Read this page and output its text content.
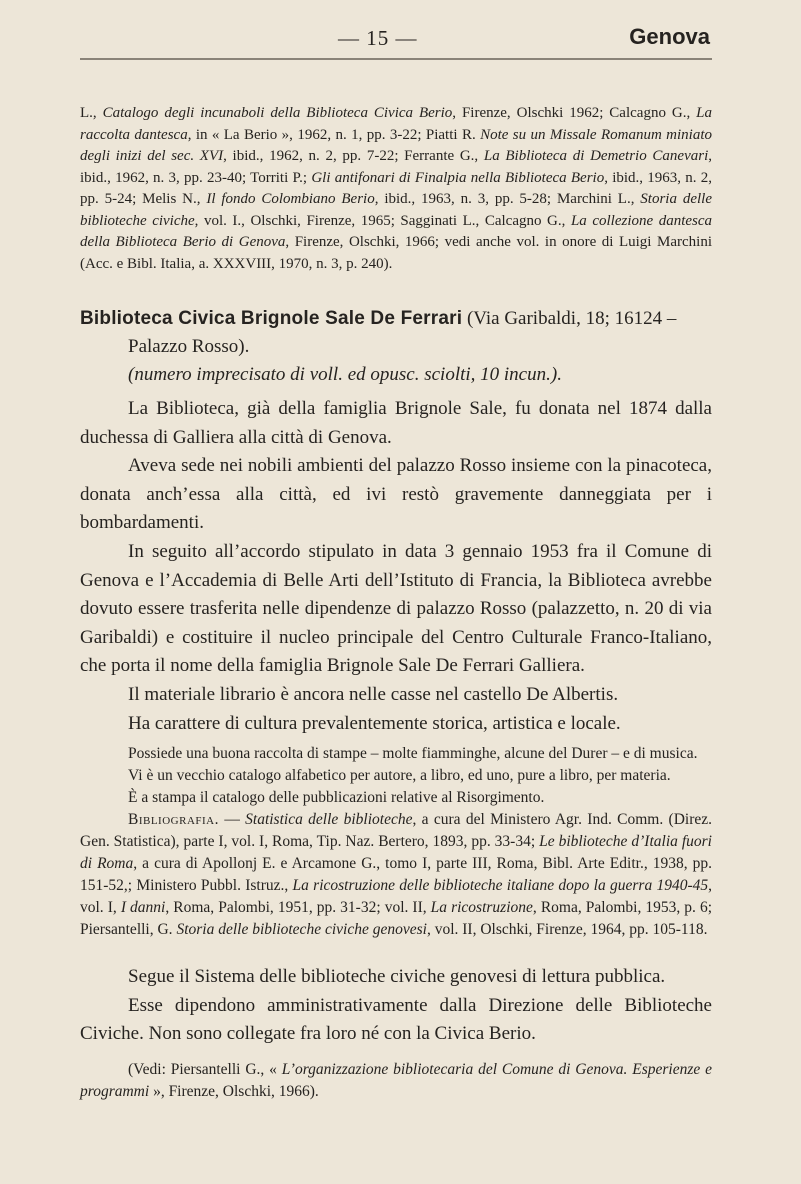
— 15 —	Genova

L., Catalogo degli incunaboli della Biblioteca Civica Berio, Firenze, Olschki 1962; Calcagno G., La raccolta dantesca, in « La Berio », 1962, n. 1, pp. 3-22; Piatti R. Note su un Missale Romanum miniato degli inizi del sec. XVI, ibid., 1962, n. 2, pp. 7-22; Ferrante G., La Biblioteca di Demetrio Canevari, ibid., 1962, n. 3, pp. 23-40; Torriti P.; Gli antifonari di Finalpia nella Biblioteca Berio, ibid., 1963, n. 2, pp. 5-24; Melis N., Il fondo Colombiano Berio, ibid., 1963, n. 3, pp. 5-28; Marchini L., Storia delle biblioteche civiche, vol. I., Olschki, Firenze, 1965; Sagginati L., Calcagno G., La collezione dantesca della Biblioteca Berio di Genova, Firenze, Olschki, 1966; vedi anche vol. in onore di Luigi Marchini (Acc. e Bibl. Italia, a. XXXVIII, 1970, n. 3, p. 240).

Biblioteca Civica Brignole Sale De Ferrari (Via Garibaldi, 18; 16124 – Palazzo Rosso).

(numero imprecisato di voll. ed opusc. sciolti, 10 incun.).

La Biblioteca, già della famiglia Brignole Sale, fu donata nel 1874 dalla duchessa di Galliera alla città di Genova.

Aveva sede nei nobili ambienti del palazzo Rosso insieme con la pinacoteca, donata anch’essa alla città, ed ivi restò gravemente danneggiata per i bombardamenti.

In seguito all’accordo stipulato in data 3 gennaio 1953 fra il Comune di Genova e l’Accademia di Belle Arti dell’Istituto di Francia, la Biblioteca avrebbe dovuto essere trasferita nelle dipendenze di palazzo Rosso (palazzetto, n. 20 di via Garibaldi) e costituire il nucleo principale del Centro Culturale Franco-Italiano, che porta il nome della famiglia Brignole Sale De Ferrari Galliera.

Il materiale librario è ancora nelle casse nel castello De Albertis.

Ha carattere di cultura prevalentemente storica, artistica e locale.

Possiede una buona raccolta di stampe – molte fiamminghe, alcune del Durer – e di musica.

Vi è un vecchio catalogo alfabetico per autore, a libro, ed uno, pure a libro, per materia.

È a stampa il catalogo delle pubblicazioni relative al Risorgimento.

Bibliografia. — Statistica delle biblioteche, a cura del Ministero Agr. Ind. Comm. (Direz. Gen. Statistica), parte I, vol. I, Roma, Tip. Naz. Bertero, 1893, pp. 33-34; Le biblioteche d’Italia fuori di Roma, a cura di Apollonj E. e Arcamone G., tomo I, parte III, Roma, Bibl. Arte Editr., 1938, pp. 151-52,; Ministero Pubbl. Istruz., La ricostruzione delle biblioteche italiane dopo la guerra 1940-45, vol. I, I danni, Roma, Palombi, 1951, pp. 31-32; vol. II, La ricostruzione, Roma, Palombi, 1953, p. 6; Piersantelli, G. Storia delle biblioteche civiche genovesi, vol. II, Olschki, Firenze, 1964, pp. 105-118.

Segue il Sistema delle biblioteche civiche genovesi di lettura pubblica.

Esse dipendono amministrativamente dalla Direzione delle Biblioteche Civiche. Non sono collegate fra loro né con la Civica Berio.

(Vedi: Piersantelli G., « L’organizzazione bibliotecaria del Comune di Genova. Esperienze e programmi », Firenze, Olschki, 1966).
